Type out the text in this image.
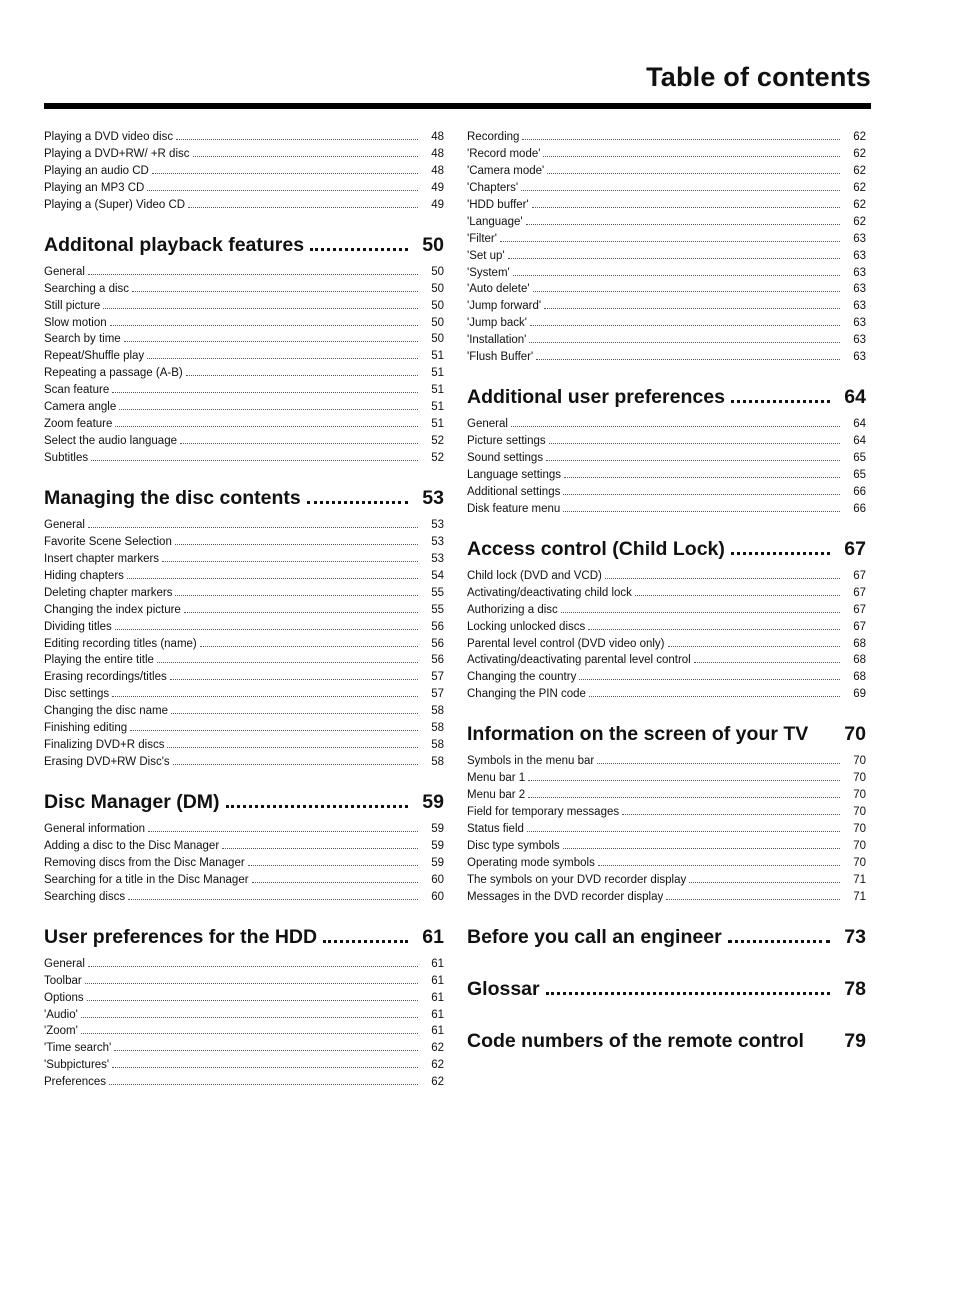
Table of contents
Playing a DVD video disc	48
Playing a DVD+RW/ +R disc	48
Playing an audio CD	48
Playing an MP3 CD	49
Playing a (Super) Video CD	49
Additonal playback features	50
General	50
Searching a disc	50
Still picture	50
Slow motion	50
Search by time	50
Repeat/Shuffle play	51
Repeating a passage (A-B)	51
Scan feature	51
Camera angle	51
Zoom feature	51
Select the audio language	52
Subtitles	52
Managing the disc contents	53
General	53
Favorite Scene Selection	53
Insert chapter markers	53
Hiding chapters	54
Deleting chapter markers	55
Changing the index picture	55
Dividing titles	56
Editing recording titles (name)	56
Playing the entire title	56
Erasing recordings/titles	57
Disc settings	57
Changing the disc name	58
Finishing editing	58
Finalizing DVD+R discs	58
Erasing DVD+RW Disc's	58
Disc Manager (DM)	59
General information	59
Adding a disc to the Disc Manager	59
Removing discs from the Disc Manager	59
Searching for a title in the Disc Manager	60
Searching discs	60
User preferences for the HDD	61
General	61
Toolbar	61
Options	61
'Audio'	61
'Zoom'	61
'Time search'	62
'Subpictures'	62
Preferences	62
Recording	62
'Record mode'	62
'Camera mode'	62
'Chapters'	62
'HDD buffer'	62
'Language'	62
'Filter'	63
'Set up'	63
'System'	63
'Auto delete'	63
'Jump forward'	63
'Jump back'	63
'Installation'	63
'Flush Buffer'	63
Additional user preferences	64
General	64
Picture settings	64
Sound settings	65
Language settings	65
Additional settings	66
Disk feature menu	66
Access control (Child Lock)	67
Child lock (DVD and VCD)	67
Activating/deactivating child lock	67
Authorizing a disc	67
Locking unlocked discs	67
Parental level control (DVD video only)	68
Activating/deactivating parental level control	68
Changing the country	68
Changing the PIN code	69
Information on the screen of your TV 70
Symbols in the menu bar	70
Menu bar 1	70
Menu bar 2	70
Field for temporary messages	70
Status field	70
Disc type symbols	70
Operating mode symbols	70
The symbols on your DVD recorder display	71
Messages in the DVD recorder display	71
Before you call an engineer	73
Glossar	78
Code numbers of the remote control 79
